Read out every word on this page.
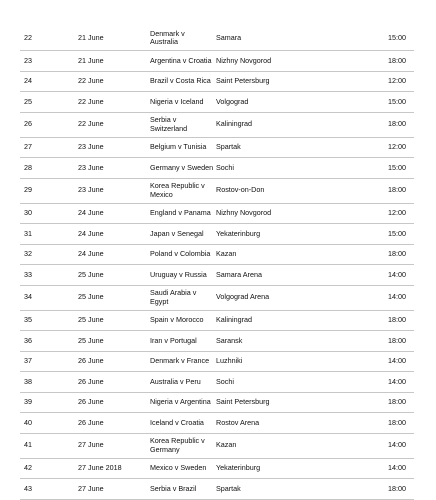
22	21 June	Denmark v
Australia	Samara	15:00
23	21 June	Argentina v Croatia	Nizhny Novgorod	18:00
24	22 June	Brazil v Costa Rica	Saint Petersburg	12:00
25	22 June	Nigeria v Iceland	Volgograd	15:00
26	22 June	Serbia v
Switzerland	Kaliningrad	18:00
27	23 June	Belgium v Tunisia	Spartak	12:00
28	23 June	Germany v Sweden	Sochi	15:00
29	23 June	Korea Republic v
Mexico	Rostov-on-Don	18:00
30	24 June	England v Panama	Nizhny Novgorod	12:00
31	24 June	Japan v Senegal	Yekaterinburg	15:00
32	24 June	Poland v Colombia	Kazan	18:00
33	25 June	Uruguay v Russia	Samara Arena	14:00
34	25 June	Saudi Arabia v
Egypt	Volgograd Arena	14:00
35	25 June	Spain v Morocco	Kaliningrad	18:00
36	25 June	Iran v Portugal	Saransk	18:00
37	26 June	Denmark v France	Luzhniki	14:00
38	26 June	Australia v Peru	Sochi	14:00
39	26 June	Nigeria v Argentina	Saint Petersburg	18:00
40	26 June	Iceland v Croatia	Rostov Arena	18:00
41	27 June	Korea Republic v
Germany	Kazan	14:00
42	27 June 2018	Mexico v Sweden	Yekaterinburg	14:00
43	27 June	Serbia v Brazil	Spartak	18:00
